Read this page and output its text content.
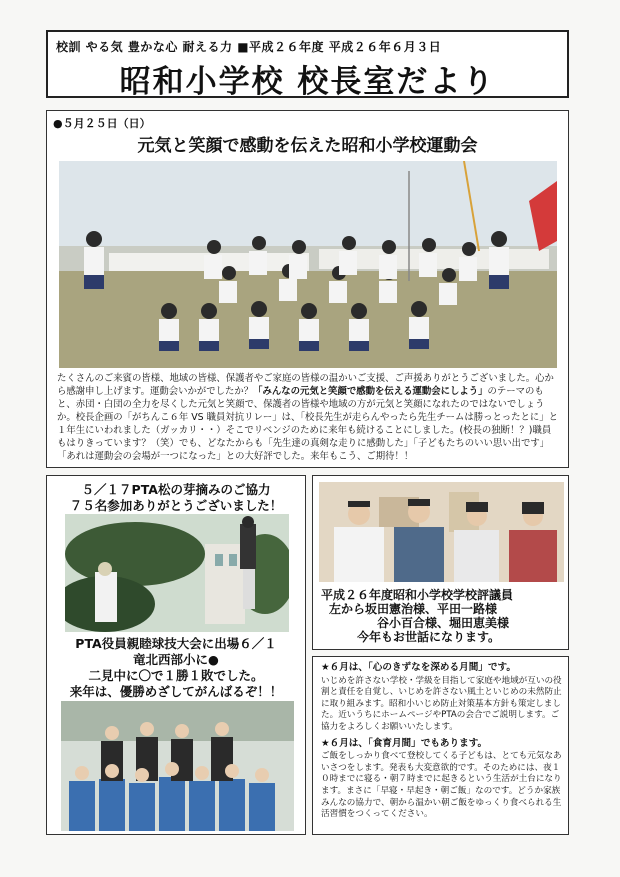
校訓 やる気 豊かな心 耐える力 ■平成２６年度 平成２６年６月３日
昭和小学校 校長室だより
●５月２５日（日）
元気と笑顔で感動を伝えた昭和小学校運動会
たくさんのご来賓の皆様、地域の皆様、保護者やご家庭の皆様の温かいご支援、ご声援ありがとうございました。心から感謝申し上げます。運動会いかがでしたか？「みんなの元気と笑顔で感動を伝える運動会にしよう」のテーマのもと、赤団・白団の全力を尽くした元気と笑顔で、保護者の皆様や地域の方が元気と笑顔になれたのではないでしょうか。校長企画の「がちんこ６年 VS 職員対抗リレー」は、「校長先生が走らんやったら先生チームは勝っとったとに」と１年生にいわれました（ガッカリ・・）そこでリベンジのために来年も続けることにしました。(校長の独断！？)職員もはりきっています？（笑）でも、どなたからも「先生達の真剣な走りに感動した」「子どもたちのいい思い出です」「あれは運動会の会場が一つになった」との大好評でした。来年もこう、ご期待！！
５／１７PTA松の芽摘みのご協力
７５名参加ありがとうございました！
PTA役員親睦球技大会に出場６／１
竜北西部小に●
二見中に〇で１勝１敗でした。
来年は、優勝めざしてがんばるぞ！！
平成２６年度昭和小学校学校評議員
左から坂田憲治様、平田一路様
谷小百合様、堀田恵美様
今年もお世話になります。
★６月は、「心のきずなを深める月間」です。

いじめを許さない学校・学級を目指して家庭や地域が互いの役割と責任を自覚し、いじめを許さない風土といじめの未然防止に取り組みます。昭和小いじめ防止対策基本方針も策定しました。近いうちにホームページやPTAの会合でご説明します。ご協力をよろしくお願いいたします。

★６月は、「食育月間」でもあります。

ご飯をしっかり食べて登校してくる子どもは、とても元気なあいさつをします。発表も大変意欲的です。そのためには、夜１０時までに寝る・朝７時までに起きるという生活が土台になります。まさに「早寝・早起き・朝ご飯」なのです。どうか家族みんなの協力で、朝から温かい朝ご飯をゆっくり食べられる生活習慣をつくってください。
